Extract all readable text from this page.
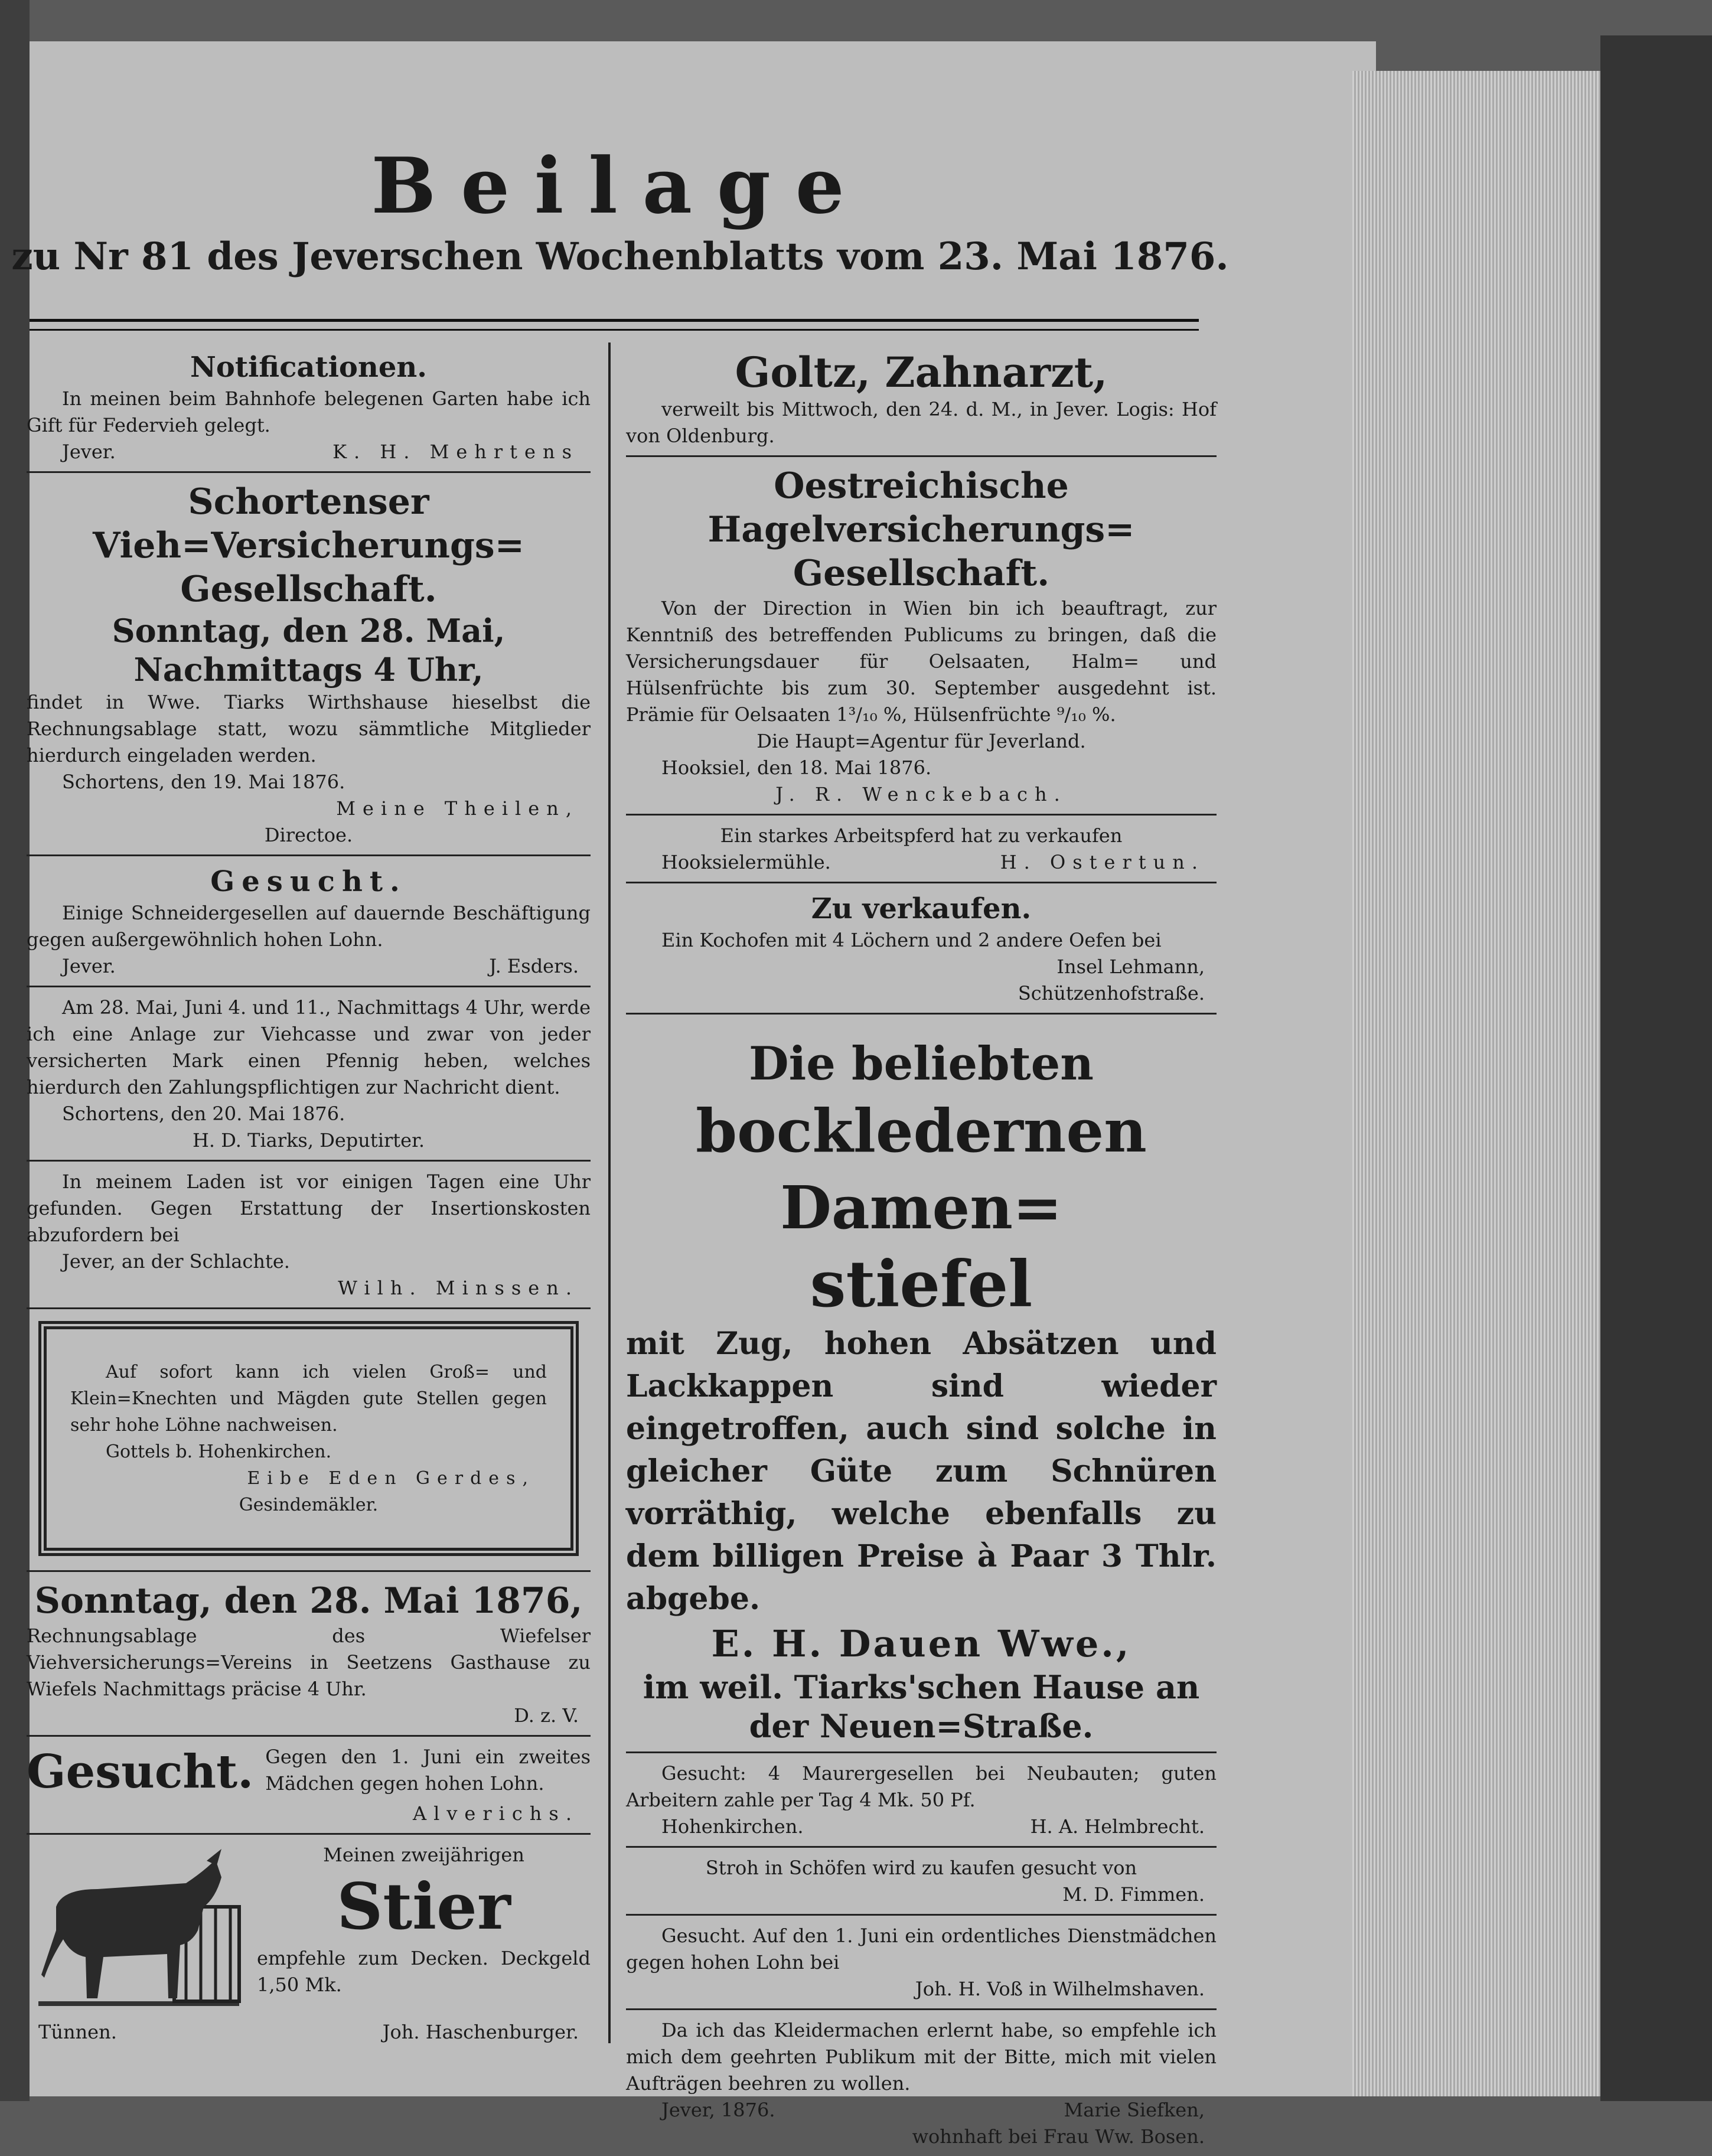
Beilage
zu Nr 81 des Jeverschen Wochenblatts vom 23. Mai 1876.
Notificationen.
In meinen beim Bahnhofe belegenen Garten habe ich Gift für Federvieh gelegt.
Jever.	K. H. Mehrtens
Schortenser Vieh=Versicherungs=
Gesellschaft.
Sonntag, den 28. Mai,
Nachmittags 4 Uhr,
findet in Wwe. Tiarks Wirthshause hieselbst die Rechnungsablage statt, wozu sämmtliche Mitglieder hierdurch eingeladen werden.
Schortens, den 19. Mai 1876.
Meine Theilen,
Directoe.
Gesucht.
Einige Schneidergesellen auf dauernde Beschäftigung gegen außergewöhnlich hohen Lohn.
Jever.	J. Esders.
Am 28. Mai, Juni 4. und 11., Nachmittags 4 Uhr, werde ich eine Anlage zur Viehcasse und zwar von jeder versicherten Mark einen Pfennig heben, welches hierdurch den Zahlungspflichtigen zur Nachricht dient.
Schortens, den 20. Mai 1876.
H. D. Tiarks, Deputirter.
In meinem Laden ist vor einigen Tagen eine Uhr gefunden. Gegen Erstattung der Insertionskosten abzufordern bei
Jever, an der Schlachte.
Wilh. Minssen.
Auf sofort kann ich vielen Groß= und Klein=Knechten und Mägden gute Stellen gegen sehr hohe Löhne nachweisen.
Gottels b. Hohenkirchen.
Eibe Eden Gerdes,
Gesindemäkler.
Sonntag, den 28. Mai 1876,
Rechnungsablage des Wiefelser Viehversicherungs=Vereins in Seetzens Gasthause zu Wiefels Nachmittags präcise 4 Uhr.
D. z. V.
Gesucht. Gegen den 1. Juni ein zweites Mädchen gegen hohen Lohn.
Alverichs.
Meinen zweijährigen
Stier
empfehle zum Decken. Deckgeld 1,50 Mk.
Tünnen.	Joh. Haschenburger.
Goltz, Zahnarzt,
verweilt bis Mittwoch, den 24. d. M., in Jever. Logis: Hof von Oldenburg.
Oestreichische Hagelversicherungs=
Gesellschaft.
Von der Direction in Wien bin ich beauftragt, zur Kenntniß des betreffenden Publicums zu bringen, daß die Versicherungsdauer für Oelsaaten, Halm= und Hülsenfrüchte bis zum 30. September ausgedehnt ist. Prämie für Oelsaaten 1³/₁₀ %, Hülsenfrüchte ⁹/₁₀ %.
Die Haupt=Agentur für Jeverland.
Hooksiel, den 18. Mai 1876.
J. R. Wenckebach.
Ein starkes Arbeitspferd hat zu verkaufen
Hooksielermühle.	H. Ostertun.
Zu verkaufen.
Ein Kochofen mit 4 Löchern und 2 andere Oefen bei
Insel Lehmann,
Schützenhofstraße.
Die beliebten
bockledernen Damen=
stiefel
mit Zug, hohen Absätzen und Lackkappen sind wieder eingetroffen, auch sind solche in gleicher Güte zum Schnüren vorräthig, welche ebenfalls zu dem billigen Preise à Paar 3 Thlr. abgebe.
E. H. Dauen Wwe.,
im weil. Tiarks'schen Hause an
der Neuen=Straße.
Gesucht: 4 Maurergesellen bei Neubauten; guten Arbeitern zahle per Tag 4 Mk. 50 Pf.
Hohenkirchen.	H. A. Helmbrecht.
Stroh in Schöfen wird zu kaufen gesucht von
M. D. Fimmen.
Gesucht. Auf den 1. Juni ein ordentliches Dienstmädchen gegen hohen Lohn bei
Joh. H. Voß in Wilhelmshaven.
Da ich das Kleidermachen erlernt habe, so empfehle ich mich dem geehrten Publikum mit der Bitte, mich mit vielen Aufträgen beehren zu wollen.
Jever, 1876.	Marie Siefken,
wohnhaft bei Frau Ww. Bosen.
